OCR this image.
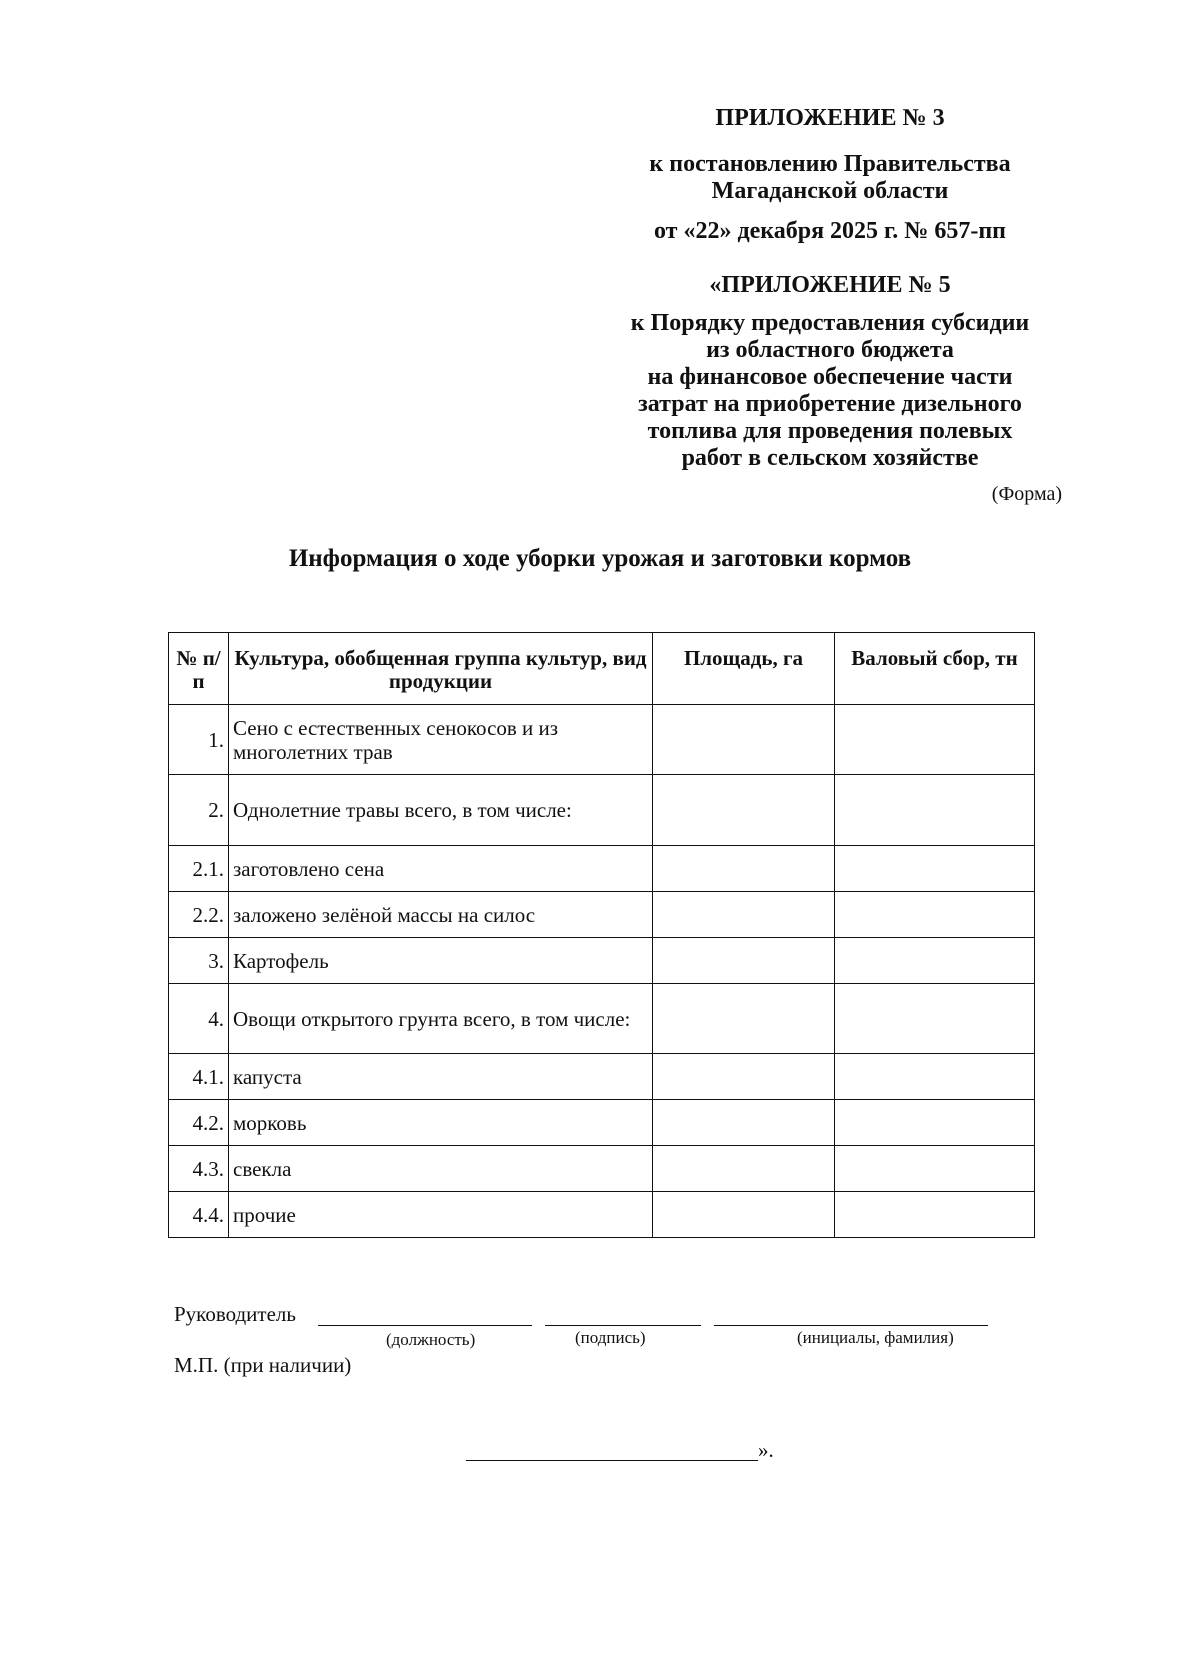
ПРИЛОЖЕНИЕ № 3
к постановлению Правительства
Магаданской области
от «22» декабря 2025 г. № 657-пп
«ПРИЛОЖЕНИЕ № 5
к Порядку предоставления субсидии
из областного бюджета
на финансовое обеспечение части
затрат на приобретение дизельного
топлива для проведения полевых
работ в сельском хозяйстве
(Форма)
Информация о ходе уборки урожая и заготовки кормов
№ п/п	Культура, обобщенная группа культур, вид продукции	Площадь, га	Валовый сбор, тн
1.	Сено с естественных сенокосов и из многолетних трав		
2.	Однолетние травы всего, в том числе:		
2.1.	заготовлено сена		
2.2.	заложено зелёной массы на силос		
3.	Картофель		
4.	Овощи открытого грунта всего, в том числе:		
4.1.	капуста		
4.2.	морковь		
4.3.	свекла		
4.4.	прочие		
Руководитель
(должность)	(подпись)	(инициалы, фамилия)
М.П. (при наличии)
».
